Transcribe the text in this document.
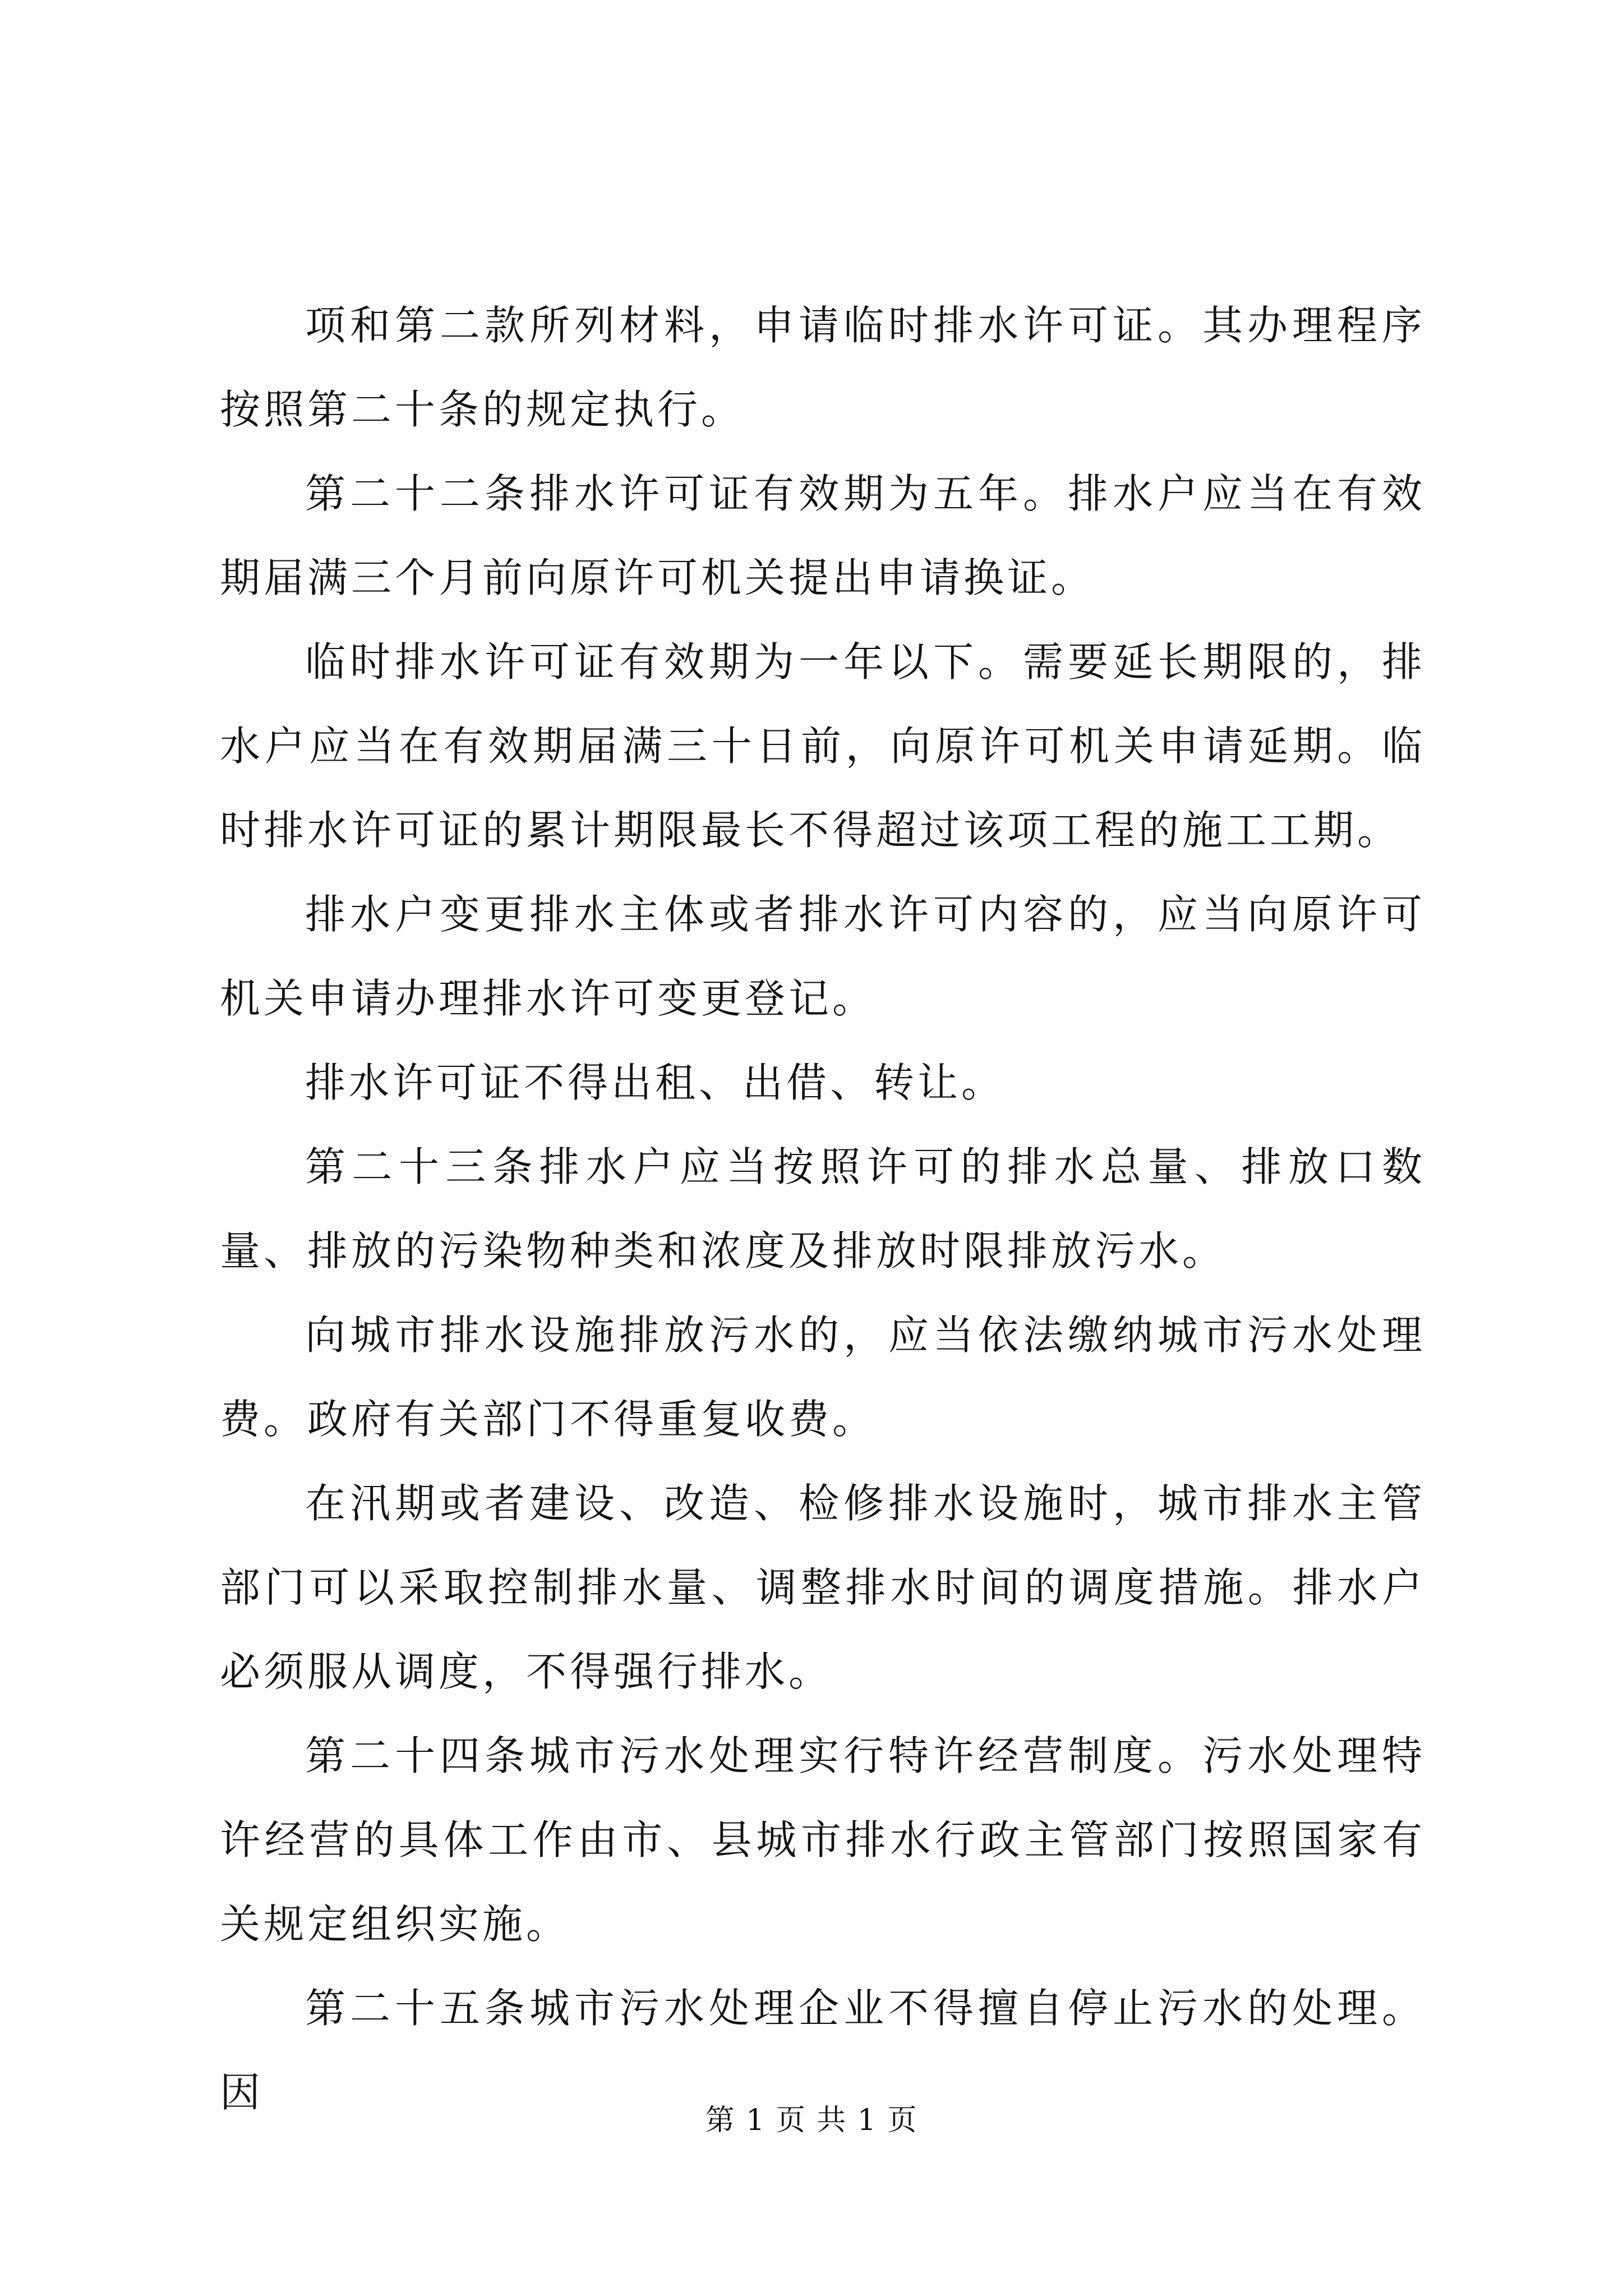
项和第二款所列材料，申请临时排水许可证。其办理程序按照第二十条的规定执行。

第二十二条排水许可证有效期为五年。排水户应当在有效期届满三个月前向原许可机关提出申请换证。

临时排水许可证有效期为一年以下。需要延长期限的，排水户应当在有效期届满三十日前，向原许可机关申请延期。临时排水许可证的累计期限最长不得超过该项工程的施工工期。

排水户变更排水主体或者排水许可内容的，应当向原许可机关申请办理排水许可变更登记。

排水许可证不得出租、出借、转让。

第二十三条排水户应当按照许可的排水总量、排放口数量、排放的污染物种类和浓度及排放时限排放污水。

向城市排水设施排放污水的，应当依法缴纳城市污水处理费。政府有关部门不得重复收费。

在汛期或者建设、改造、检修排水设施时，城市排水主管部门可以采取控制排水量、调整排水时间的调度措施。排水户必须服从调度，不得强行排水。

第二十四条城市污水处理实行特许经营制度。污水处理特许经营的具体工作由市、县城市排水行政主管部门按照国家有关规定组织实施。

第二十五条城市污水处理企业不得擅自停止污水的处理。因

第 1 页 共 1 页
